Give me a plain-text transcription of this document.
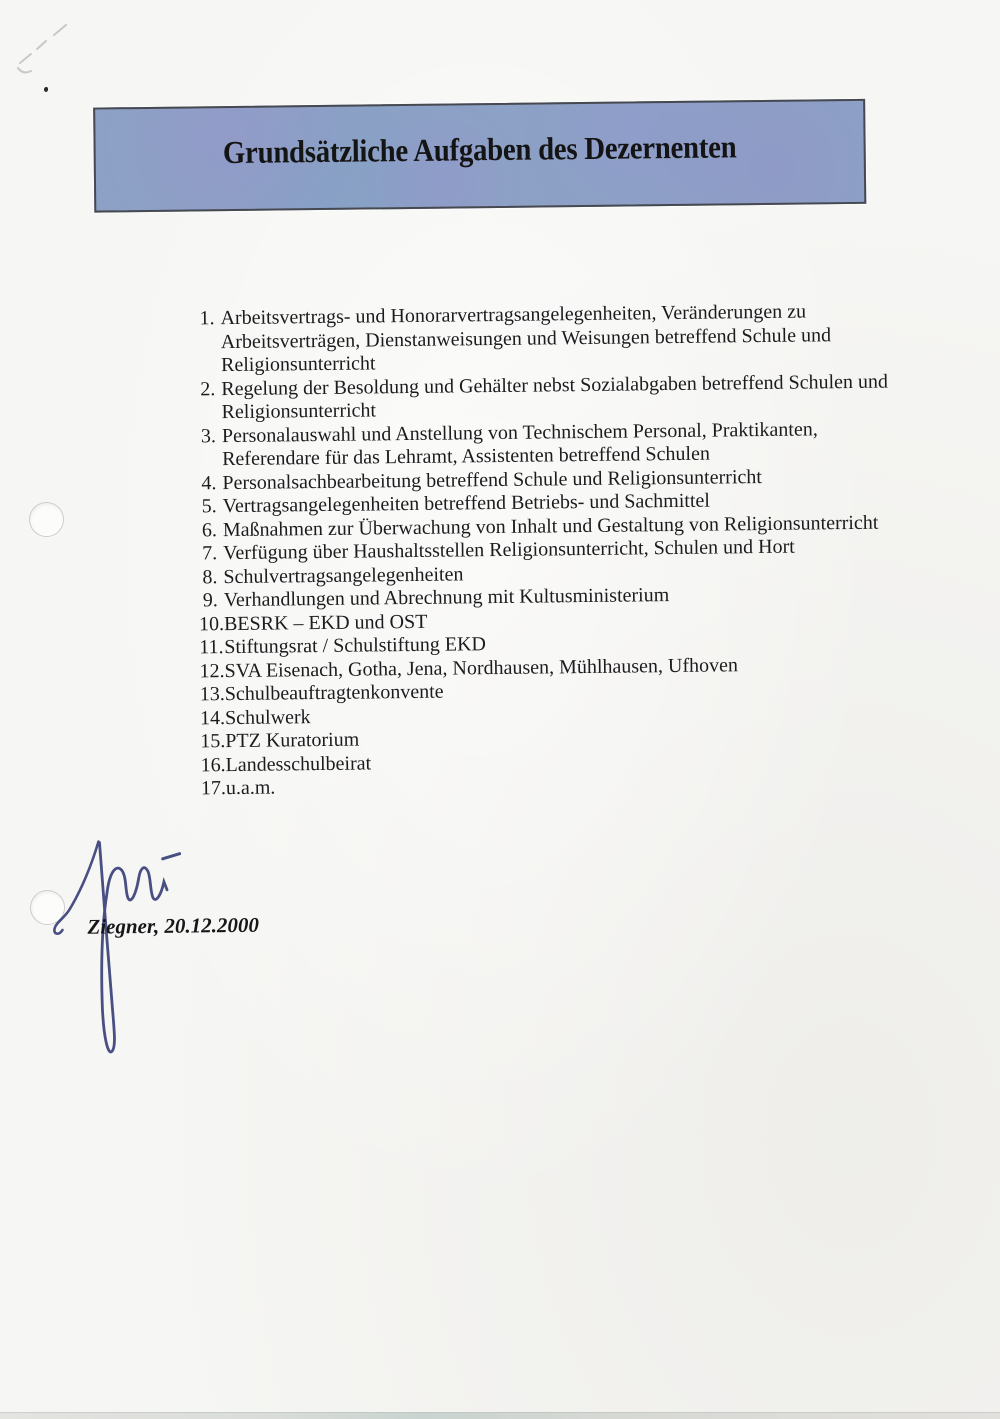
Grundsätzliche Aufgaben des Dezernenten
1. Arbeitsvertrags- und Honorarvertragsangelegenheiten, Veränderungen zu
Arbeitsverträgen, Dienstanweisungen und Weisungen betreffend Schule und
Religionsunterricht
2. Regelung der Besoldung und Gehälter nebst Sozialabgaben betreffend Schulen und
Religionsunterricht
3. Personalauswahl und Anstellung von Technischem Personal, Praktikanten,
Referendare für das Lehramt, Assistenten betreffend Schulen
4. Personalsachbearbeitung betreffend Schule und Religionsunterricht
5. Vertragsangelegenheiten betreffend Betriebs- und Sachmittel
6. Maßnahmen zur Überwachung von Inhalt und Gestaltung von Religionsunterricht
7. Verfügung über Haushaltsstellen Religionsunterricht, Schulen und Hort
8. Schulvertragsangelegenheiten
9. Verhandlungen und Abrechnung mit Kultusministerium
10. BESRK – EKD und OST
11. Stiftungsrat / Schulstiftung EKD
12. SVA Eisenach, Gotha, Jena, Nordhausen, Mühlhausen, Ufhoven
13. Schulbeauftragtenkonvente
14. Schulwerk
15. PTZ Kuratorium
16. Landesschulbeirat
17. u.a.m.
Ziegner, 20.12.2000
